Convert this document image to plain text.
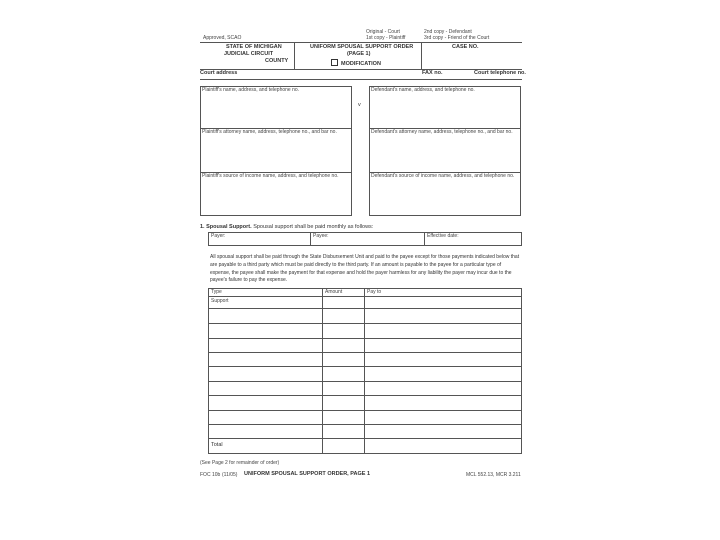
Approved, SCAO
Original - Court
1st copy - Plaintiff
2nd copy - Defendant
3rd copy - Friend of the Court
STATE OF MICHIGAN
JUDICIAL CIRCUIT
COUNTY
UNIFORM SPOUSAL SUPPORT ORDER
(PAGE 1)
MODIFICATION
CASE NO.
Court address	FAX no.	Court telephone no.
Plaintiff's name, address, and telephone no.	Defendant's name, address, and telephone no.
v
Plaintiff's attorney name, address, telephone no., and bar no.	Defendant's attorney name, address, telephone no., and bar no.
Plaintiff's source of income name, address, and telephone no.	Defendant's source of income name, address, and telephone no.
1. Spousal Support. Spousal support shall be paid monthly as follows:
Payer:	Payee:	Effective date:
All spousal support shall be paid through the State Disbursement Unit and paid to the payee except for those payments indicated below that are payable to a third party which must be paid directly to the third party. If an amount is payable to the payee for a particular type of expense, the payee shall make the payment for that expense and hold the payer harmless for any liability the payer may incur due to the payee's failure to pay the expense.
Type	Amount	Pay to
Support
Total
(See Page 2 for remainder of order)
FOC 10b (11/05) UNIFORM SPOUSAL SUPPORT ORDER, PAGE 1	MCL 552.13, MCR 3.211
